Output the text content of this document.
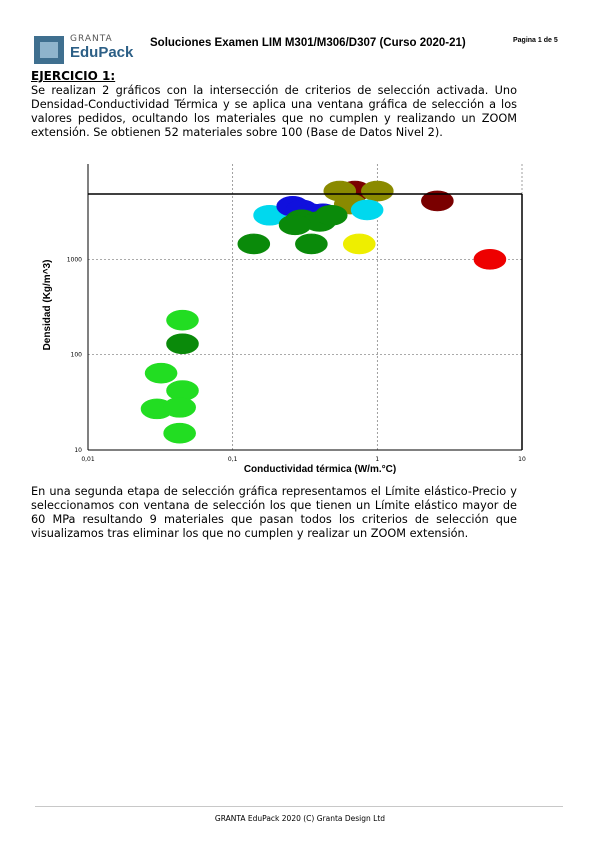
GRANTA
EduPack
Soluciones Examen LIM M301/M306/D307 (Curso 2020-21)	Pagina 1 de 5
EJERCICIO 1:
Se realizan 2 gráficos con la intersección de criterios de selección activada. Uno Densidad-Conductividad Térmica y se aplica una ventana gráfica de selección a los valores pedidos, ocultando los materiales que no cumplen y realizando un ZOOM extensión. Se obtienen 52 materiales sobre 100 (Base de Datos Nivel 2).
0,01	0,1	1	10
10
100
1000
Conductividad térmica (W/m.°C)
Densidad (Kg/m^3)
En una segunda etapa de selección gráfica representamos el Límite elástico-Precio y seleccionamos con ventana de selección los que tienen un Límite elástico mayor de 60 MPa resultando 9 materiales que pasan todos los criterios de selección que visualizamos tras eliminar los que no cumplen y realizar un ZOOM extensión.
GRANTA EduPack 2020 (C) Granta Design Ltd
